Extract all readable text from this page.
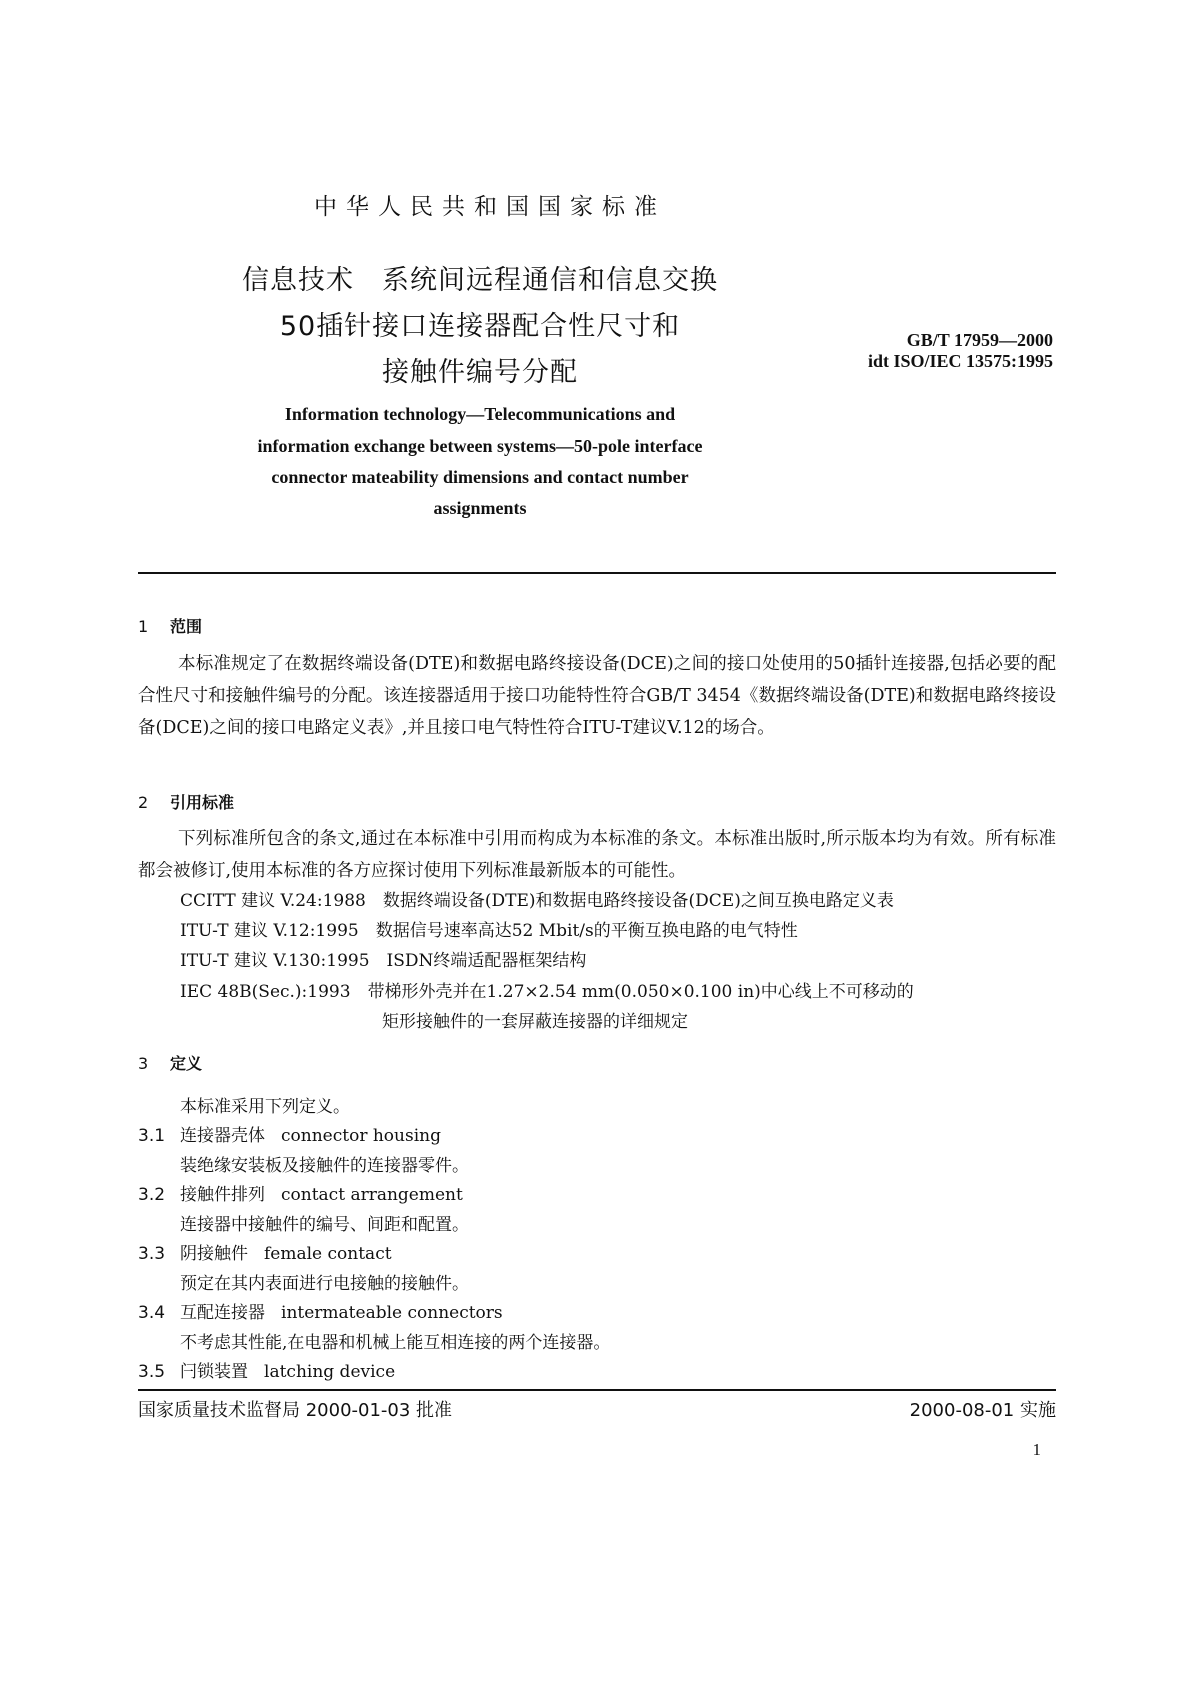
中华人民共和国国家标准
信息技术　系统间远程通信和信息交换
50插针接口连接器配合性尺寸和
接触件编号分配
GB/T 17959—2000
idt ISO/IEC 13575:1995
Information technology—Telecommunications and
information exchange between systems—50-pole interface
connector mateability dimensions and contact number
assignments
1 范围

本标准规定了在数据终端设备(DTE)和数据电路终接设备(DCE)之间的接口处使用的50插针连接器,包括必要的配合性尺寸和接触件编号的分配。该连接器适用于接口功能特性符合GB/T 3454《数据终端设备(DTE)和数据电路终接设备(DCE)之间的接口电路定义表》,并且接口电气特性符合ITU-T建议V.12的场合。

2 引用标准

下列标准所包含的条文,通过在本标准中引用而构成为本标准的条文。本标准出版时,所示版本均为有效。所有标准都会被修订,使用本标准的各方应探讨使用下列标准最新版本的可能性。

CCITT 建议 V.24:1988　 数据终端设备(DTE)和数据电路终接设备(DCE)之间互换电路定义表
ITU-T 建议 V.12:1995　 数据信号速率高达52 Mbit/s的平衡互换电路的电气特性
ITU-T 建议 V.130:1995　 ISDN终端适配器框架结构
IEC 48B(Sec.):1993　 带梯形外壳并在1.27×2.54 mm(0.050×0.100 in)中心线上不可移动的
矩形接触件的一套屏蔽连接器的详细规定
3 定义
本标准采用下列定义。
3.1 连接器壳体　 connector housing
装绝缘安装板及接触件的连接器零件。
3.2 接触件排列　 contact arrangement
连接器中接触件的编号、间距和配置。
3.3 阴接触件　 female contact
预定在其内表面进行电接触的接触件。
3.4 互配连接器　 intermateable connectors
不考虑其性能,在电器和机械上能互相连接的两个连接器。
3.5 闩锁装置　 latching device
国家质量技术监督局 2000-01-03 批准	2000-08-01 实施
1
